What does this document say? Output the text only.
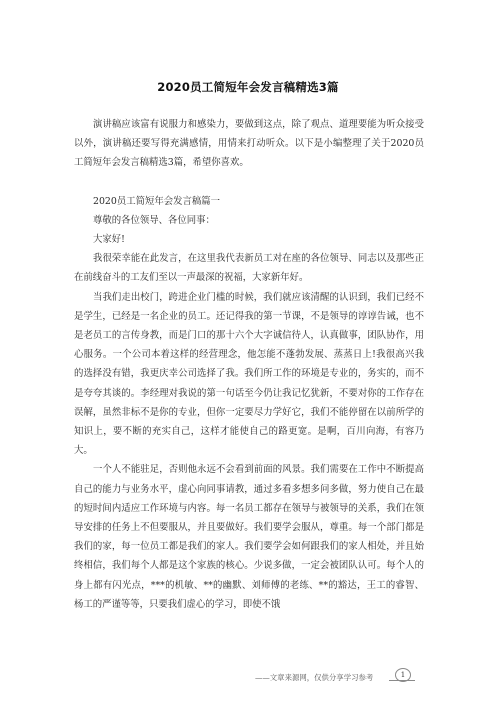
2020员工简短年会发言稿精选3篇

演讲稿应该富有说服力和感染力，要做到这点，除了观点、道理要能为听众接受以外，演讲稿还要写得充满感情，用情来打动听众。以下是小编整理了关于2020员工简短年会发言稿精选3篇，希望你喜欢。

2020员工简短年会发言稿篇一

尊敬的各位领导、各位同事：

大家好!

我很荣幸能在此发言，在这里我代表新员工对在座的各位领导、同志以及那些正在前线奋斗的工友们至以一声最深的祝福，大家新年好。

当我们走出校门，跨进企业门槛的时候，我们就应该清醒的认识到，我们已经不是学生，已经是一名企业的员工。还记得我的第一节课，不是领导的谆谆告诫，也不是老员工的言传身教，而是门口的那十六个大字诚信待人，认真做事，团队协作，用心服务。一个公司本着这样的经营理念，他怎能不蓬勃发展、蒸蒸日上!我很高兴我的选择没有错，我更庆幸公司选择了我。我们所工作的环境是专业的，务实的，而不是夸夸其谈的。李经理对我说的第一句话至今仍让我记忆犹新，不要对你的工作存在误解，虽然非标不是你的专业，但你一定要尽力学好它，我们不能停留在以前所学的知识上，要不断的充实自己，这样才能使自己的路更宽。是啊，百川向海，有容乃大。

一个人不能驻足，否则他永远不会看到前面的风景。我们需要在工作中不断提高自己的能力与业务水平，虚心向同事请教，通过多看多想多问多做，努力使自己在最的短时间内适应工作环境与内容。每一名员工都存在领导与被领导的关系，我们在领导安排的任务上不但要服从，并且要做好。我们要学会服从，尊重。每一个部门都是我们的家，每一位员工都是我们的家人。我们要学会如何跟我们的家人相处，并且始终相信，我们每个人都是这个家族的核心。少说多做，一定会被团队认可。每个人的身上都有闪光点，***的机敏、**的幽默、刘师傅的老练、**的豁达，王工的睿智、杨工的严谨等等，只要我们虚心的学习，即使不饿

1
——文章来源网，仅供分享学习参考
